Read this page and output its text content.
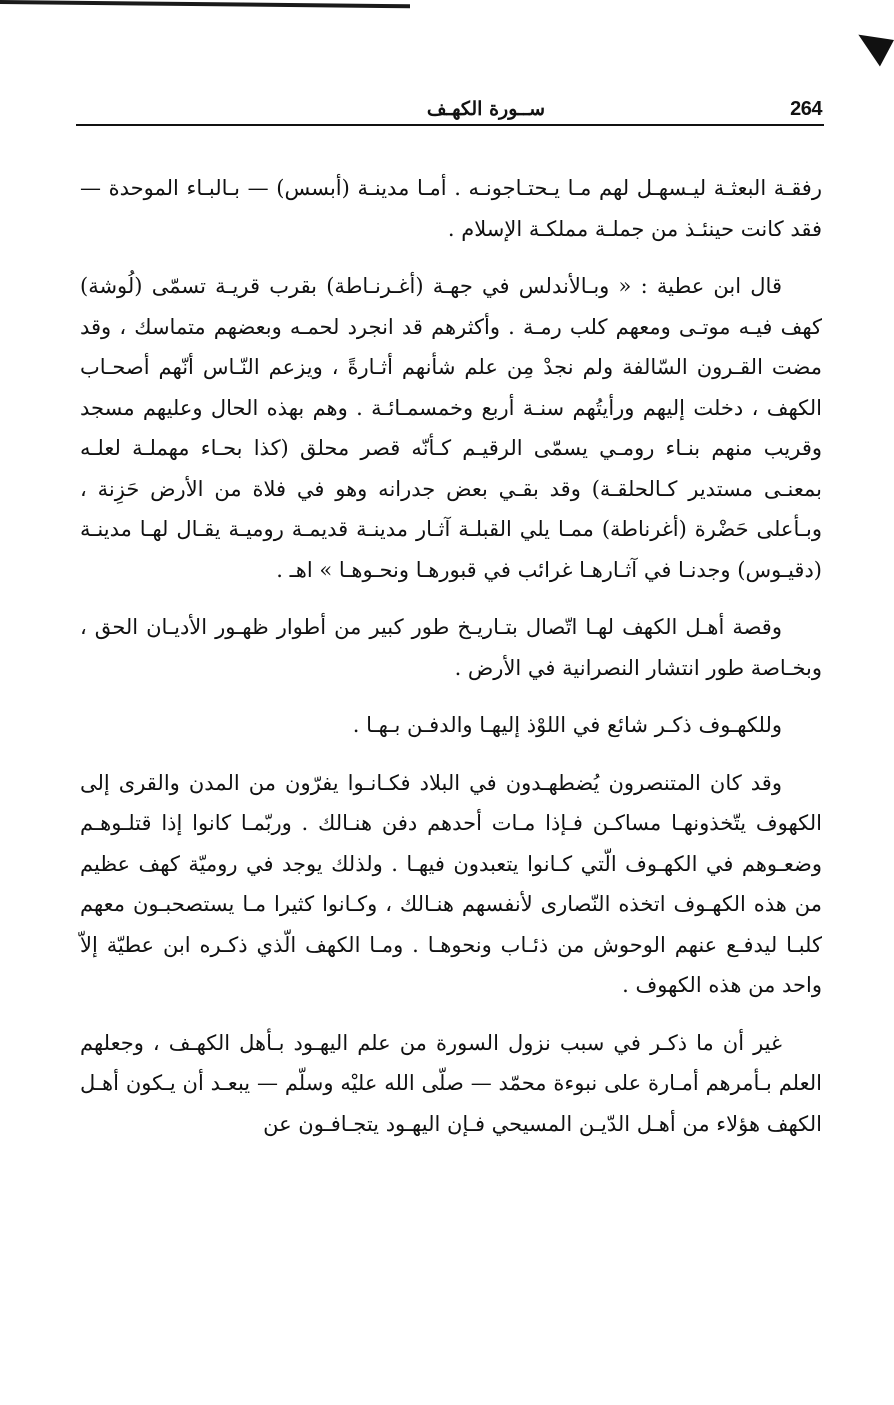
264
ســورة الكهـف

رفقـة البعثـة ليـسهـل لهم مـا يـحتـاجونـه . أمـا مدينـة (أبسس) — بـالبـاء الموحدة — فقد كانت حينئـذ من جملـة مملكـة الإسلام .

قال ابن عطية : « وبـالأندلس في جهـة (أغـرنـاطة) بقرب قريـة تسمّى (لُوشة) كهف فيـه موتـى ومعهم كلب رمـة . وأكثرهم قد انجرد لحمـه وبعضهم متماسك ، وقد مضت القـرون السّالفة ولم نجدْ مِن علم شأنهم أثـارةً ، ويزعم النّـاس أنّهم أصحـاب الكهف ، دخلت إليهم ورأيتُهم سنـة أربع وخمسمـائـة . وهم بهذه الحال وعليهم مسجد وقريب منهم بنـاء رومـي يسمّى الرقيـم كـأنّه قصر محلق (كذا بحـاء مهملـة لعلـه بمعنـى مستدير كـالحلقـة) وقد بقـي بعض جدرانه وهو في فلاة من الأرض حَزِنة ، وبـأعلى حَضْرة (أغرناطة) ممـا يلي القبلـة آثـار مدينـة قديمـة روميـة يقـال لهـا مدينـة (دقيـوس) وجدنـا في آثـارهـا غرائب في قبورهـا ونحـوهـا » اهـ .

وقصة أهـل الكهف لهـا اتّصال بتـاريـخ طور كبير من أطوار ظهـور الأديـان الحق ، وبخـاصة طور انتشار النصرانية في الأرض .

وللكهـوف ذكـر شائع في اللوْذ إليهـا والدفـن بـهـا .

وقد كان المتنصرون يُضطهـدون في البلاد فكـانـوا يفرّون من المدن والقرى إلى الكهوف يتّخذونهـا مساكـن فـإذا مـات أحدهم دفن هنـالك . وربّمـا كانوا إذا قتلـوهـم وضعـوهم في الكهـوف الّتي كـانوا يتعبدون فيهـا . ولذلك يوجد في روميّة كهف عظيم من هذه الكهـوف اتخذه النّصارى لأنفسهم هنـالك ، وكـانوا كثيرا مـا يستصحبـون معهم كلبـا ليدفـع عنهم الوحوش من ذئـاب ونحوهـا . ومـا الكهف الّذي ذكـره ابن عطيّة إلاّ واحد من هذه الكهوف .

غير أن ما ذكـر في سبب نزول السورة من علم اليهـود بـأهل الكهـف ، وجعلهم العلم بـأمرهم أمـارة على نبوءة محمّد — صلّى الله عليْه وسلّم — يبعـد أن يـكون أهـل الكهف هؤلاء من أهـل الدّيـن المسيحي فـإن اليهـود يتجـافـون عن
